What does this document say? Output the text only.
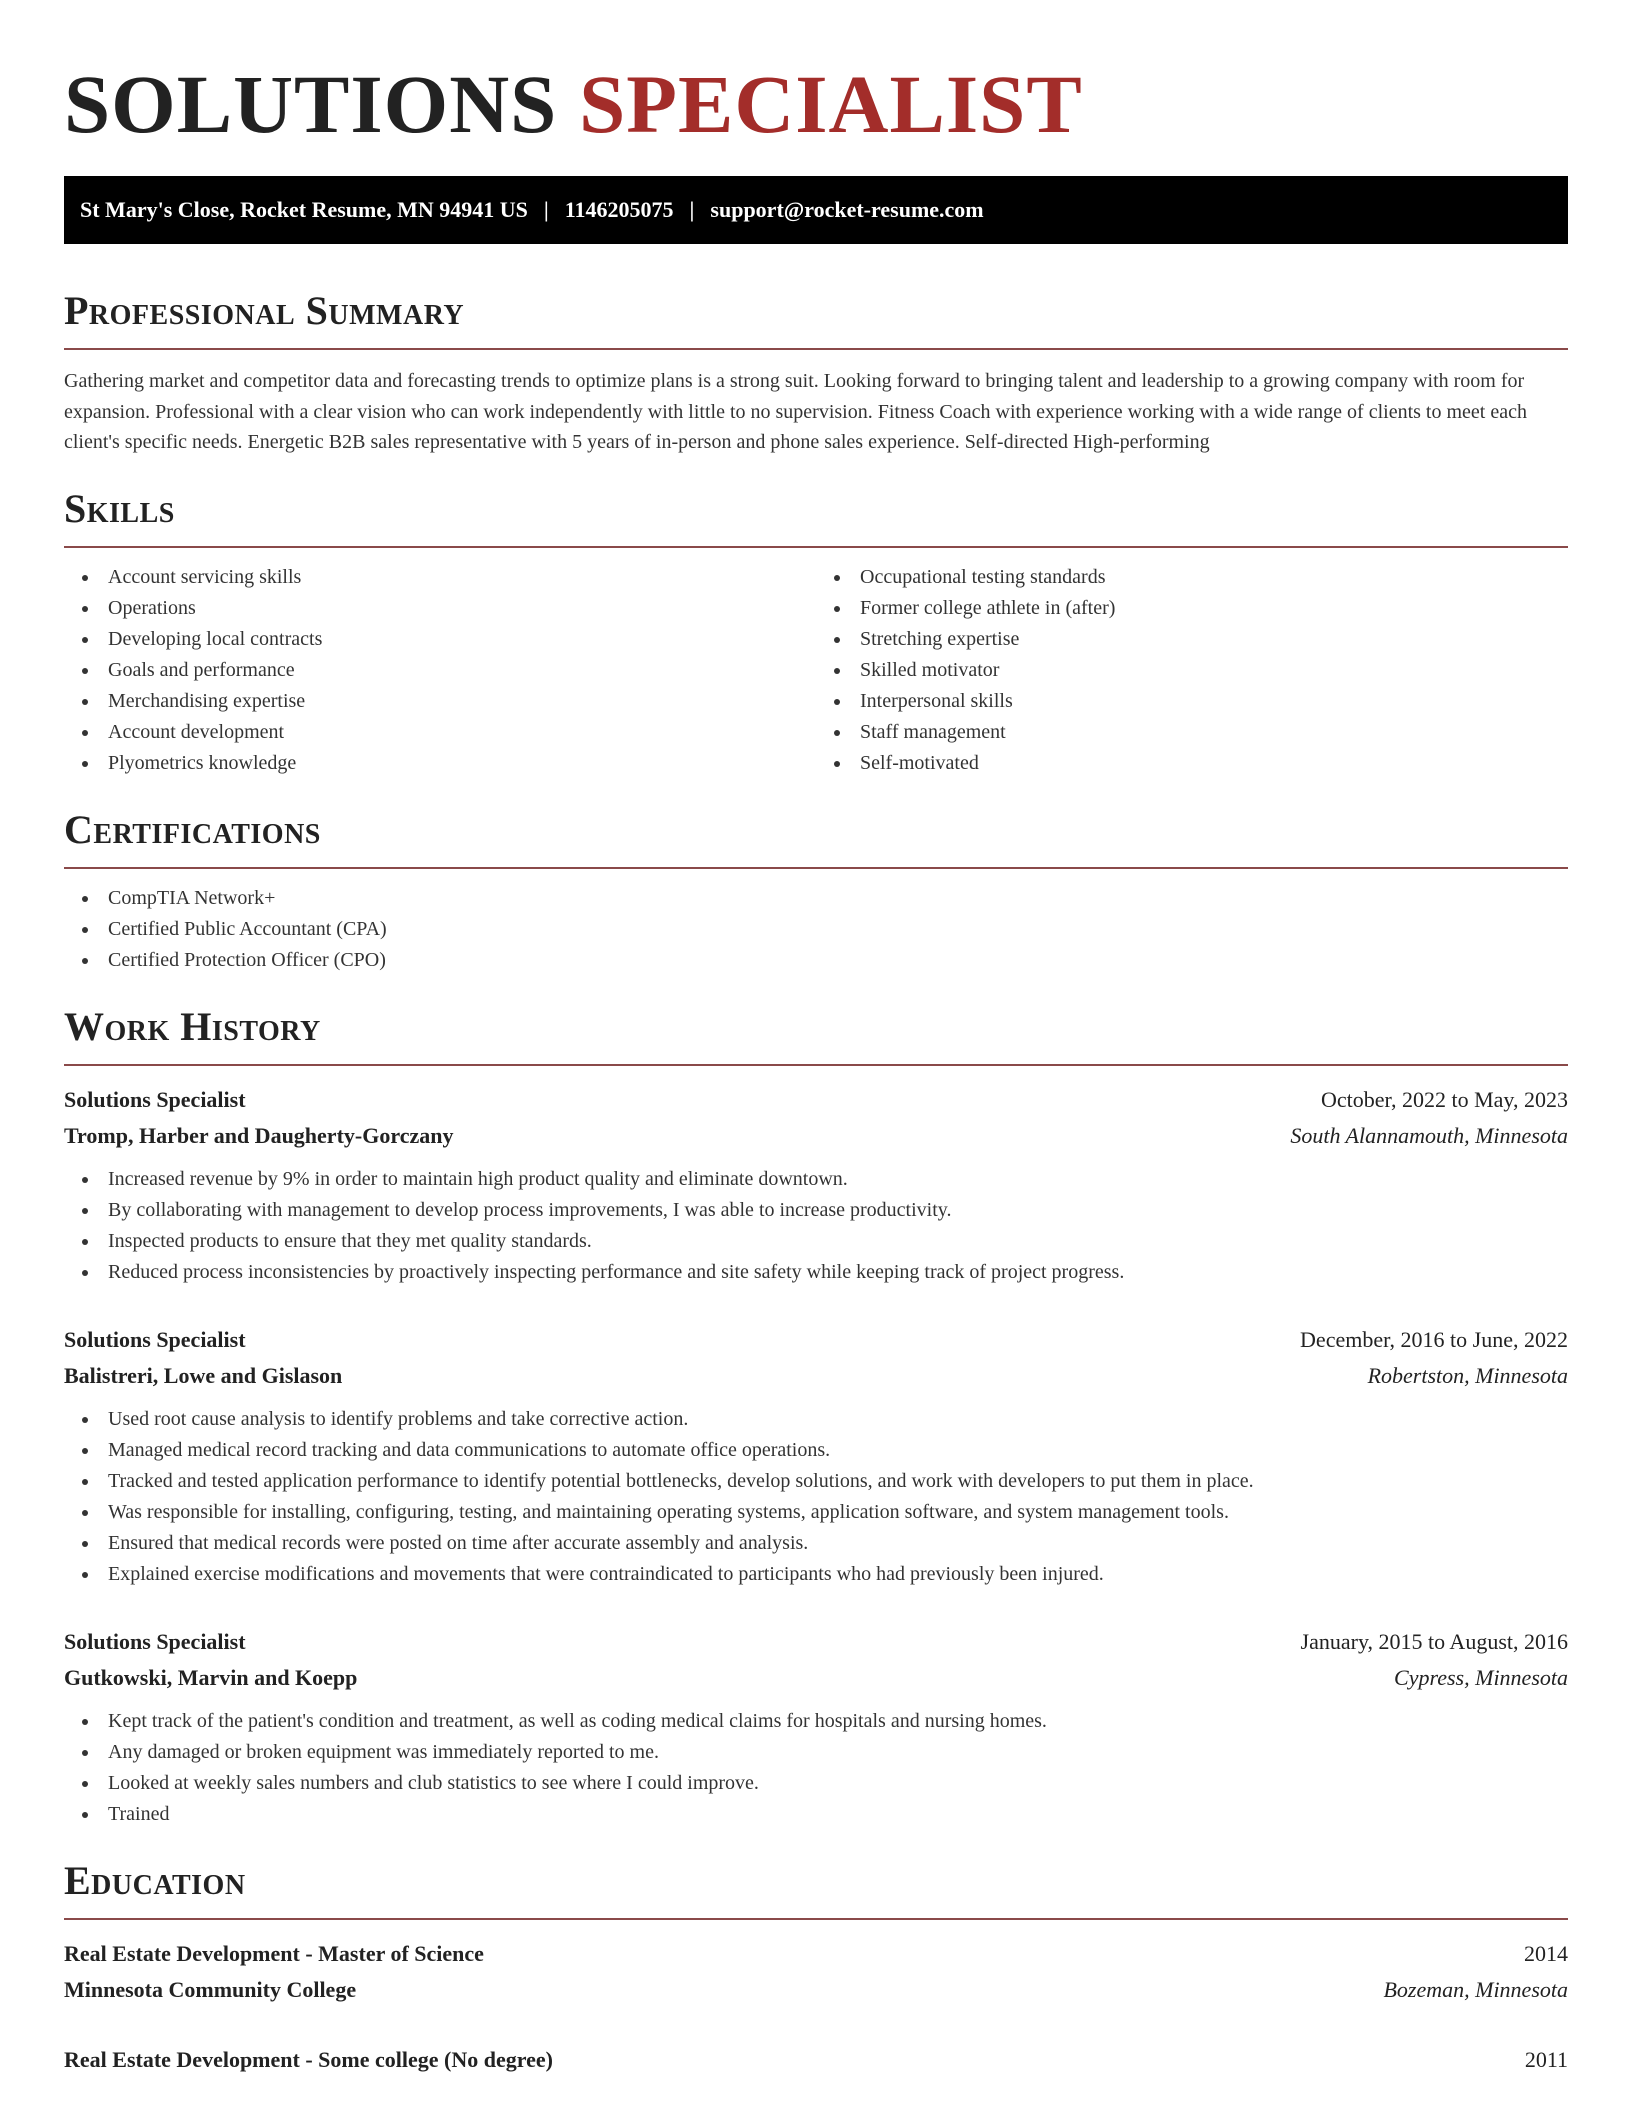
SOLUTIONS SPECIALIST
St Mary's Close, Rocket Resume, MN 94941 US | 1146205075 | support@rocket-resume.com
Professional Summary

Gathering market and competitor data and forecasting trends to optimize plans is a strong suit. Looking forward to bringing talent and leadership to a growing company with room for expansion. Professional with a clear vision who can work independently with little to no supervision. Fitness Coach with experience working with a wide range of clients to meet each client's specific needs. Energetic B2B sales representative with 5 years of in-person and phone sales experience. Self-directed High-performing

Skills
Account servicing skills
Operations
Developing local contracts
Goals and performance
Merchandising expertise
Account development
Plyometrics knowledge
Occupational testing standards
Former college athlete in (after)
Stretching expertise
Skilled motivator
Interpersonal skills
Staff management
Self-motivated
Certifications
CompTIA Network+
Certified Public Accountant (CPA)
Certified Protection Officer (CPO)
Work History
Solutions Specialist	October, 2022 to May, 2023
Tromp, Harber and Daugherty-Gorczany	South Alannamouth, Minnesota
Increased revenue by 9% in order to maintain high product quality and eliminate downtown.
By collaborating with management to develop process improvements, I was able to increase productivity.
Inspected products to ensure that they met quality standards.
Reduced process inconsistencies by proactively inspecting performance and site safety while keeping track of project progress.
Solutions Specialist	December, 2016 to June, 2022
Balistreri, Lowe and Gislason	Robertston, Minnesota
Used root cause analysis to identify problems and take corrective action.
Managed medical record tracking and data communications to automate office operations.
Tracked and tested application performance to identify potential bottlenecks, develop solutions, and work with developers to put them in place.
Was responsible for installing, configuring, testing, and maintaining operating systems, application software, and system management tools.
Ensured that medical records were posted on time after accurate assembly and analysis.
Explained exercise modifications and movements that were contraindicated to participants who had previously been injured.
Solutions Specialist	January, 2015 to August, 2016
Gutkowski, Marvin and Koepp	Cypress, Minnesota
Kept track of the patient's condition and treatment, as well as coding medical claims for hospitals and nursing homes.
Any damaged or broken equipment was immediately reported to me.
Looked at weekly sales numbers and club statistics to see where I could improve.
Trained
Education
Real Estate Development - Master of Science	2014
Minnesota Community College	Bozeman, Minnesota
Real Estate Development - Some college (No degree)	2011
